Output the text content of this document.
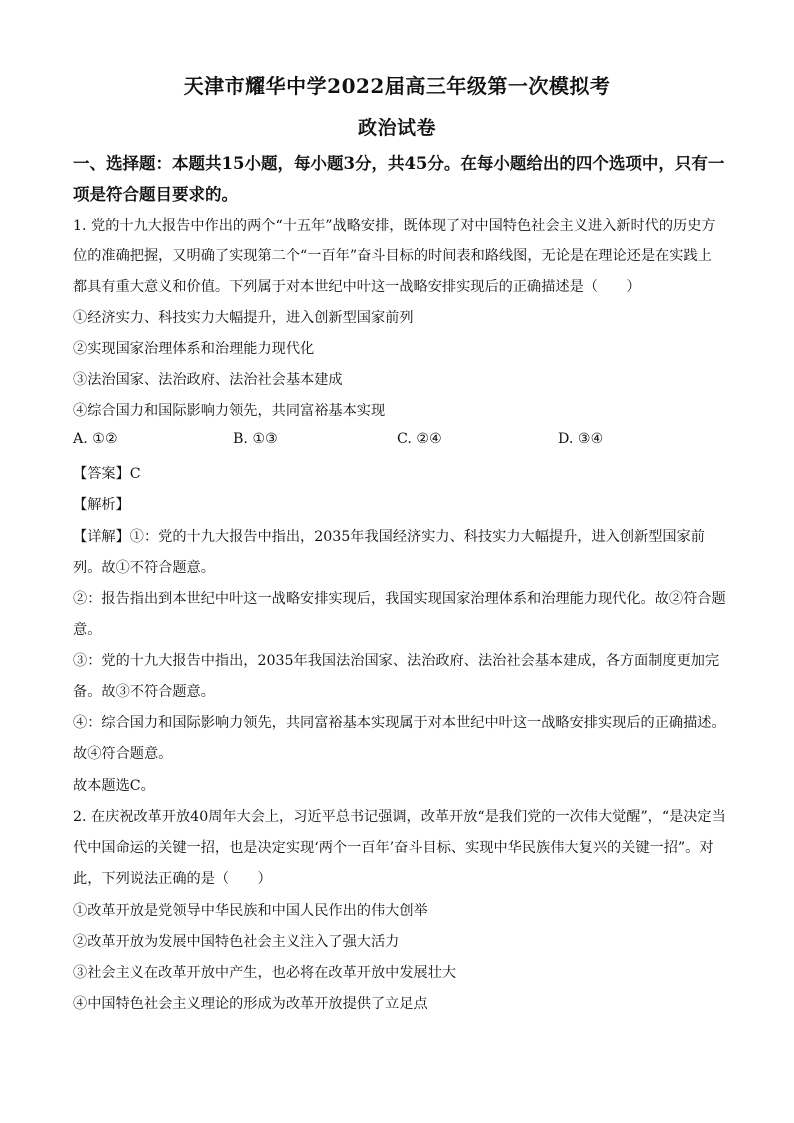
天津市耀华中学2022届高三年级第一次模拟考
政治试卷
一、选择题：本题共15小题，每小题3分，共45分。在每小题给出的四个选项中，只有一
项是符合题目要求的。
1. 党的十九大报告中作出的两个“十五年”战略安排，既体现了对中国特色社会主义进入新时代的历史方
位的准确把握，又明确了实现第二个“一百年”奋斗目标的时间表和路线图，无论是在理论还是在实践上
都具有重大意义和价值。下列属于对本世纪中叶这一战略安排实现后的正确描述是（　　）
①经济实力、科技实力大幅提升，进入创新型国家前列
②实现国家治理体系和治理能力现代化
③法治国家、法治政府、法治社会基本建成
④综合国力和国际影响力领先，共同富裕基本实现
A. ①②	B. ①③	C. ②④	D. ③④
【答案】C
【解析】
【详解】①：党的十九大报告中指出，2035年我国经济实力、科技实力大幅提升，进入创新型国家前
列。故①不符合题意。
②：报告指出到本世纪中叶这一战略安排实现后，我国实现国家治理体系和治理能力现代化。故②符合题
意。
③：党的十九大报告中指出，2035年我国法治国家、法治政府、法治社会基本建成，各方面制度更加完
备。故③不符合题意。
④：综合国力和国际影响力领先，共同富裕基本实现属于对本世纪中叶这一战略安排实现后的正确描述。
故④符合题意。
故本题选C。
2. 在庆祝改革开放40周年大会上，习近平总书记强调，改革开放“是我们党的一次伟大觉醒”，“是决定当
代中国命运的关键一招，也是决定实现‘两个一百年’奋斗目标、实现中华民族伟大复兴的关键一招”。对
此，下列说法正确的是（　　）
①改革开放是党领导中华民族和中国人民作出的伟大创举
②改革开放为发展中国特色社会主义注入了强大活力
③社会主义在改革开放中产生，也必将在改革开放中发展壮大
④中国特色社会主义理论的形成为改革开放提供了立足点
